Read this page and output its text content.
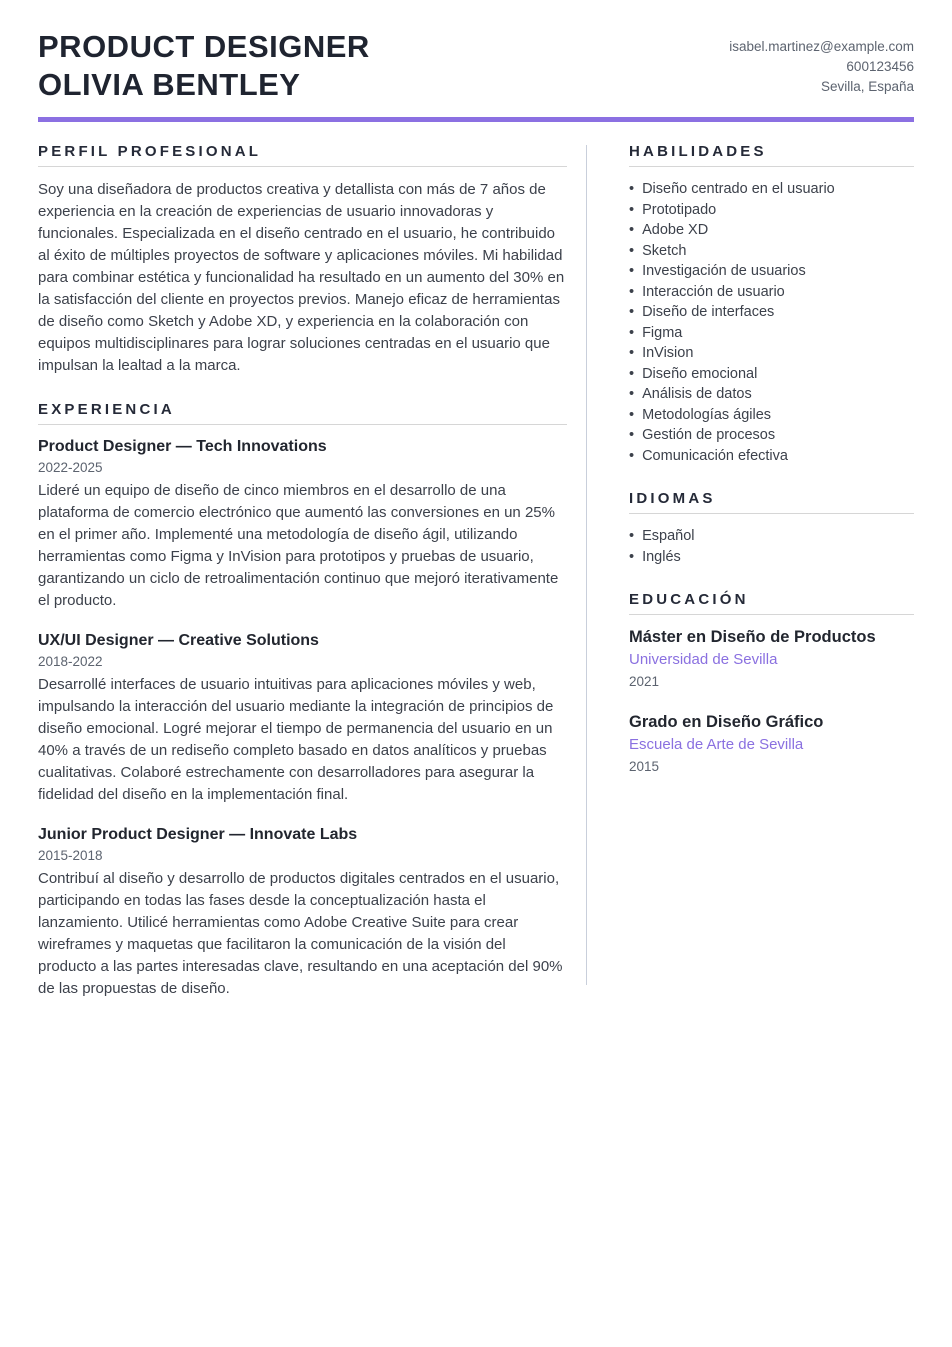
PRODUCT DESIGNER
OLIVIA BENTLEY
isabel.martinez@example.com
600123456
Sevilla, España
PERFIL PROFESIONAL

Soy una diseñadora de productos creativa y detallista con más de 7 años de experiencia en la creación de experiencias de usuario innovadoras y funcionales. Especializada en el diseño centrado en el usuario, he contribuido al éxito de múltiples proyectos de software y aplicaciones móviles. Mi habilidad para combinar estética y funcionalidad ha resultado en un aumento del 30% en la satisfacción del cliente en proyectos previos. Manejo eficaz de herramientas de diseño como Sketch y Adobe XD, y experiencia en la colaboración con equipos multidisciplinares para lograr soluciones centradas en el usuario que impulsan la lealtad a la marca.

EXPERIENCIA
Product Designer — Tech Innovations
2022-2025
Lideré un equipo de diseño de cinco miembros en el desarrollo de una plataforma de comercio electrónico que aumentó las conversiones en un 25% en el primer año. Implementé una metodología de diseño ágil, utilizando herramientas como Figma y InVision para prototipos y pruebas de usuario, garantizando un ciclo de retroalimentación continuo que mejoró iterativamente el producto.
UX/UI Designer — Creative Solutions
2018-2022
Desarrollé interfaces de usuario intuitivas para aplicaciones móviles y web, impulsando la interacción del usuario mediante la integración de principios de diseño emocional. Logré mejorar el tiempo de permanencia del usuario en un 40% a través de un rediseño completo basado en datos analíticos y pruebas cualitativas. Colaboré estrechamente con desarrolladores para asegurar la fidelidad del diseño en la implementación final.
Junior Product Designer — Innovate Labs
2015-2018
Contribuí al diseño y desarrollo de productos digitales centrados en el usuario, participando en todas las fases desde la conceptualización hasta el lanzamiento. Utilicé herramientas como Adobe Creative Suite para crear wireframes y maquetas que facilitaron la comunicación de la visión del producto a las partes interesadas clave, resultando en una aceptación del 90% de las propuestas de diseño.
HABILIDADES
• Diseño centrado en el usuario
• Prototipado
• Adobe XD
• Sketch
• Investigación de usuarios
• Interacción de usuario
• Diseño de interfaces
• Figma
• InVision
• Diseño emocional
• Análisis de datos
• Metodologías ágiles
• Gestión de procesos
• Comunicación efectiva
IDIOMAS
• Español
• Inglés
EDUCACIÓN
Máster en Diseño de Productos
Universidad de Sevilla
2021
Grado en Diseño Gráfico
Escuela de Arte de Sevilla
2015
